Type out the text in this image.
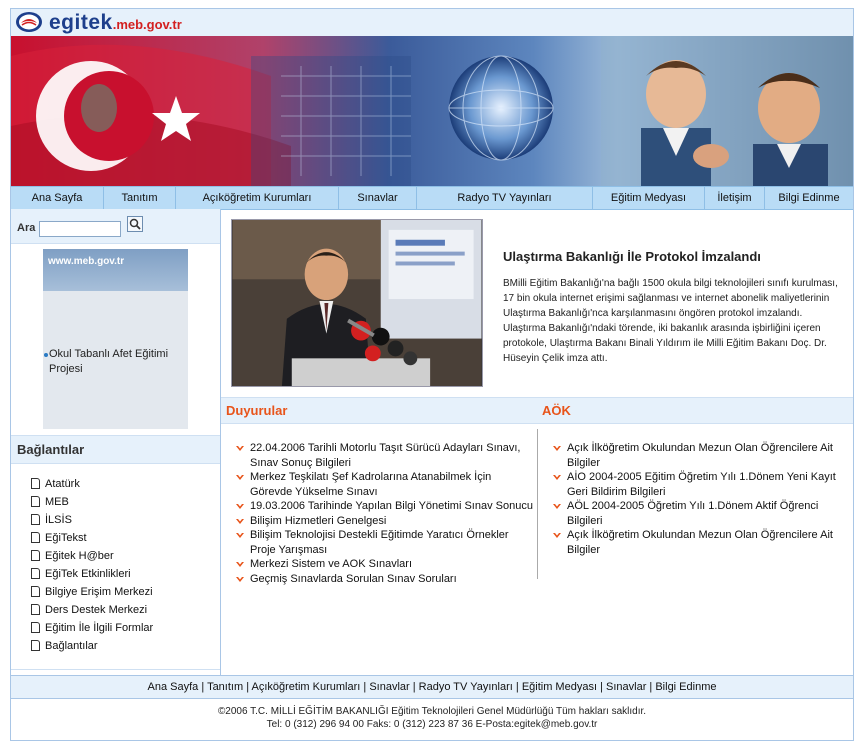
egitek.meb.gov.tr
Ana Sayfa	Tanıtım	Açıköğretim Kurumları	Sınavlar	Radyo TV Yayınları	Eğitim Medyası	İletişim	Bilgi Edinme
Ara
www.meb.gov.tr
Okul Tabanlı Afet Eğitimi Projesi
Bağlantılar
Atatürk
MEB
İLSİS
EğiTekst
Eğitek H@ber
EğiTek Etkinlikleri
Bilgiye Erişim Merkezi
Ders Destek Merkezi
Eğitim İle İlgili Formlar
Bağlantılar
Ulaştırma Bakanlığı İle Protokol İmzalandı
BMilli Eğitim Bakanlığı'na bağlı 1500 okula bilgi teknolojileri sınıfı kurulması, 17 bin okula internet erişimi sağlanması ve internet abonelik maliyetlerinin Ulaştırma Bakanlığı'nca karşılanmasını öngören protokol imzalandı. Ulaştırma Bakanlığı'ndaki törende, iki bakanlık arasında işbirliğini içeren protokole, Ulaştırma Bakanı Binali Yıldırım ile Milli Eğitim Bakanı Doç. Dr. Hüseyin Çelik imza attı.
Duyurular	AÖK
22.04.2006 Tarihli Motorlu Taşıt Sürücü Adayları Sınavı, Sınav Sonuç Bilgileri
Merkez Teşkilatı Şef Kadrolarına Atanabilmek İçin Görevde Yükselme Sınavı
19.03.2006 Tarihinde Yapılan Bilgi Yönetimi Sınav Sonucu
Bilişim Hizmetleri Genelgesi
Bilişim Teknolojisi Destekli Eğitimde Yaratıcı Örnekler Proje Yarışması
Merkezi Sistem ve AOK Sınavları
Geçmiş Sınavlarda Sorulan Sınav Soruları
Açık İlköğretim Okulundan Mezun Olan Öğrencilere Ait Bilgiler
AİO 2004-2005 Eğitim Öğretim Yılı 1.Dönem Yeni Kayıt Geri Bildirim Bilgileri
AÖL 2004-2005 Öğretim Yılı 1.Dönem Aktif Öğrenci Bilgileri
Açık İlköğretim Okulundan Mezun Olan Öğrencilere Ait Bilgiler
Ana Sayfa | Tanıtım | Açıköğretim Kurumları | Sınavlar | Radyo TV Yayınları | Eğitim Medyası | Sınavlar | Bilgi Edinme
©2006 T.C. MİLLİ EĞİTİM BAKANLIĞI Eğitim Teknolojileri Genel Müdürlüğü Tüm hakları saklıdır.
Tel: 0 (312) 296 94 00 Faks: 0 (312) 223 87 36 E-Posta:egitek@meb.gov.tr
